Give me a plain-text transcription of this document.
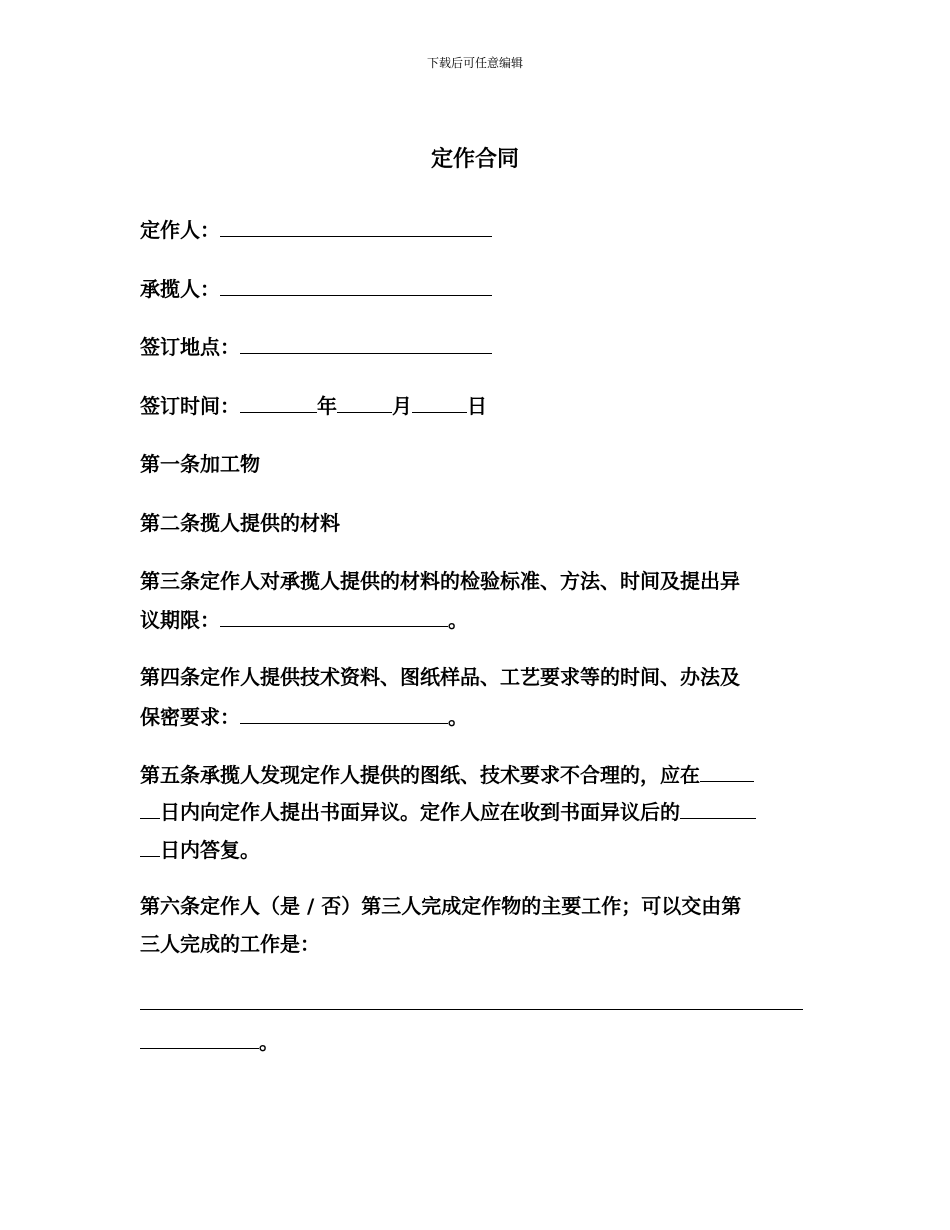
下载后可任意编辑
定作合同
定作人：
承揽人：
签订地点：
签订时间：	年	月	日
第一条加工物
第二条揽人提供的材料
第三条定作人对承揽人提供的材料的检验标准、方法、时间及提出异
议期限：	。
第四条定作人提供技术资料、图纸样品、工艺要求等的时间、办法及
保密要求：	。
第五条承揽人发现定作人提供的图纸、技术要求不合理的，应在
日内向定作人提出书面异议。定作人应在收到书面异议后的
日内答复。
第六条定作人（是 / 否）第三人完成定作物的主要工作；可以交由第
三人完成的工作是：
。
